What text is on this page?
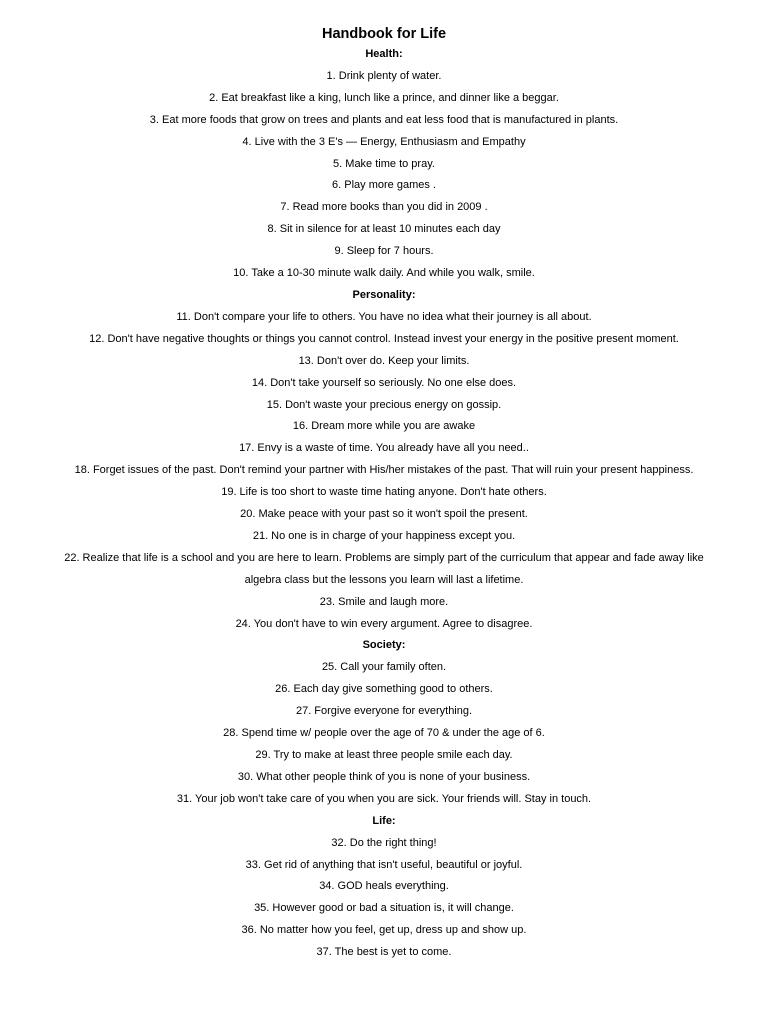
Handbook for Life

Health:

1. Drink plenty of water.

2. Eat breakfast like a king, lunch like a prince, and dinner like a beggar.

3. Eat more foods that grow on trees and plants and eat less food that is manufactured in plants.

4. Live with the 3 E's — Energy, Enthusiasm and Empathy

5. Make time to pray.

6. Play more games .

7. Read more books than you did in 2009 .

8. Sit in silence for at least 10 minutes each day

9. Sleep for 7 hours.

10. Take a 10-30 minute walk daily. And while you walk, smile.

Personality:

11. Don't compare your life to others. You have no idea what their journey is all about.

12. Don't have negative thoughts or things you cannot control. Instead invest your energy in the positive present moment.

13. Don't over do. Keep your limits.

14. Don't take yourself so seriously. No one else does.

15. Don't waste your precious energy on gossip.

16. Dream more while you are awake

17. Envy is a waste of time. You already have all you need..

18. Forget issues of the past. Don't remind your partner with His/her mistakes of the past. That will ruin your present happiness.

19. Life is too short to waste time hating anyone. Don't hate others.

20. Make peace with your past so it won't spoil the present.

21. No one is in charge of your happiness except you.

22. Realize that life is a school and you are here to learn. Problems are simply part of the curriculum that appear and fade away like algebra class but the lessons you learn will last a lifetime.

23. Smile and laugh more.

24. You don't have to win every argument. Agree to disagree.

Society:

25. Call your family often.

26. Each day give something good to others.

27. Forgive everyone for everything.

28. Spend time w/ people over the age of 70 & under the age of 6.

29. Try to make at least three people smile each day.

30. What other people think of you is none of your business.

31. Your job won't take care of you when you are sick. Your friends will. Stay in touch.

Life:

32. Do the right thing!

33. Get rid of anything that isn't useful, beautiful or joyful.

34. GOD heals everything.

35. However good or bad a situation is, it will change.

36. No matter how you feel, get up, dress up and show up.

37. The best is yet to come.
